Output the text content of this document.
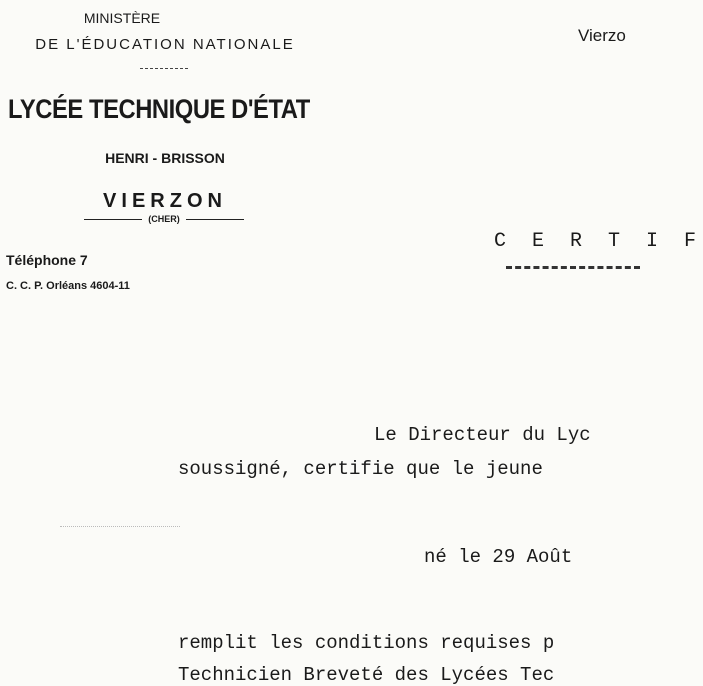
MINISTÈRE
DE L'ÉDUCATION NATIONALE
LYCÉE TECHNIQUE D'ÉTAT
HENRI - BRISSON
VIERZON
(CHER)
Téléphone 7
C. C. P. Orléans 4604-11
Vierzo
C E R T I F
Le Directeur du Lyc
soussigné, certifie que le jeune
né le 29 Août
remplit les conditions requises p
Technicien Breveté des Lycées Tec
